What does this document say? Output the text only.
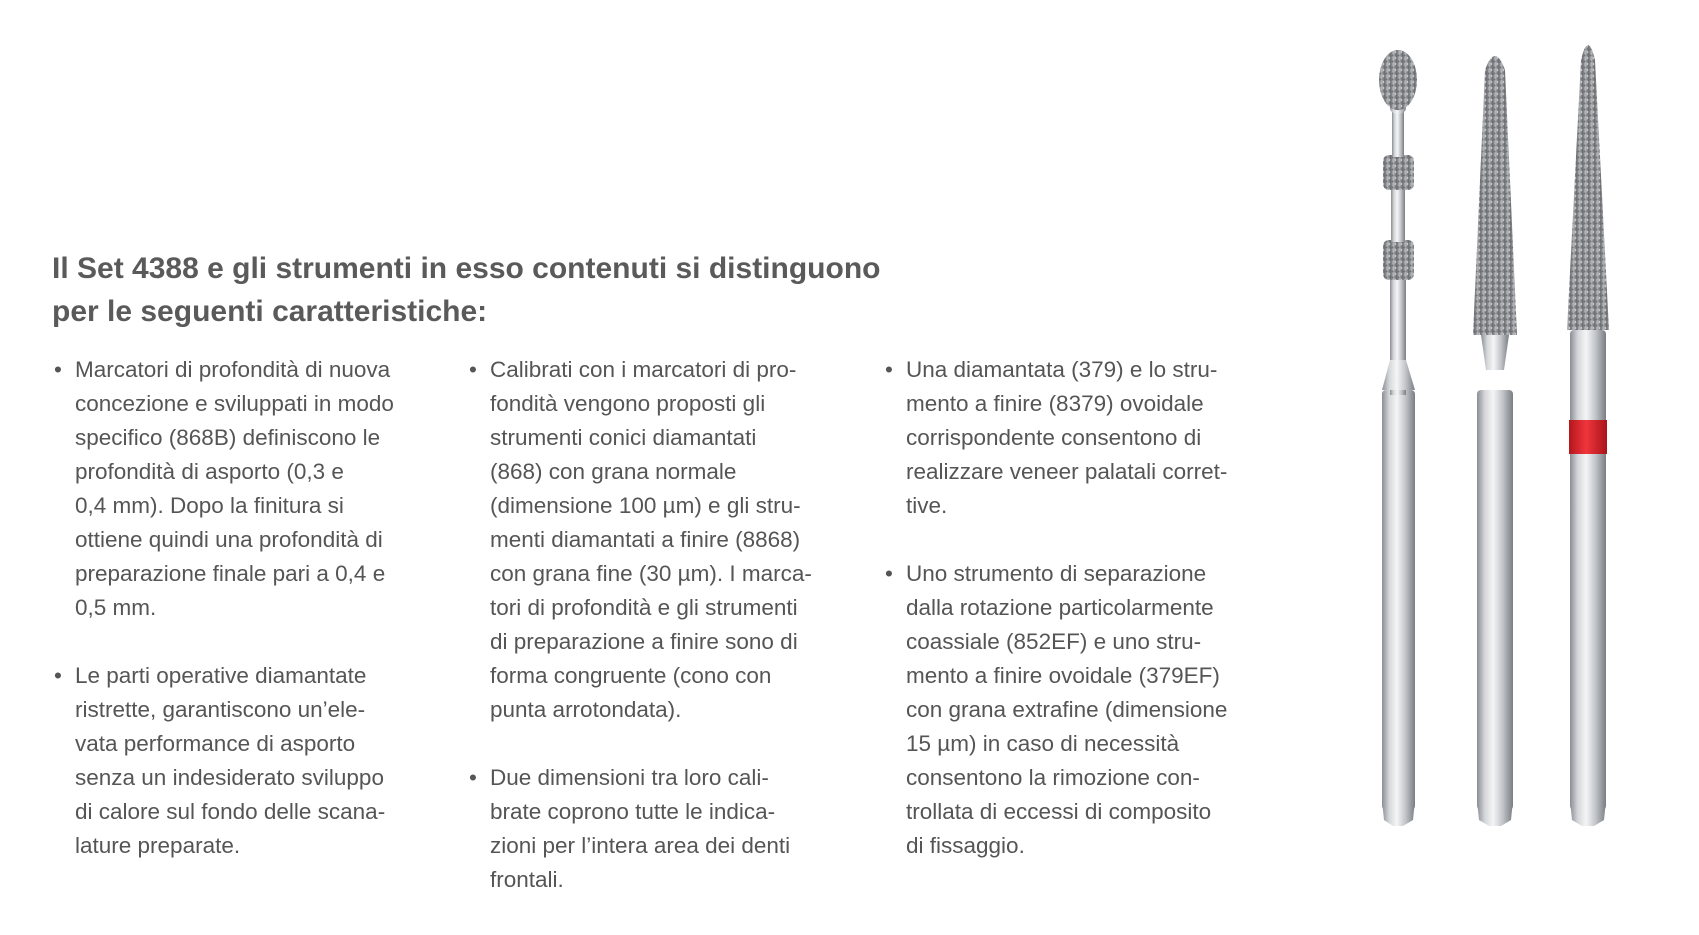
Il Set 4388 e gli strumenti in esso contenuti si distinguono
per le seguenti caratteristiche:
• Marcatori di profondità di nuova
concezione e sviluppati in modo
specifico (868B) definiscono le
profondità di asporto (0,3 e
0,4 mm). Dopo la finitura si
ottiene quindi una profondità di
preparazione finale pari a 0,4 e
0,5 mm.
• Le parti operative diamantate
ristrette, garantiscono un’ele-
vata performance di asporto
senza un indesiderato sviluppo
di calore sul fondo delle scana-
lature preparate.
• Calibrati con i marcatori di pro-
fondità vengono proposti gli
strumenti conici diamantati
(868) con grana normale
(dimensione 100 µm) e gli stru-
menti diamantati a finire (8868)
con grana fine (30 µm). I marca-
tori di profondità e gli strumenti
di preparazione a finire sono di
forma congruente (cono con
punta arrotondata).
• Due dimensioni tra loro cali-
brate coprono tutte le indica-
zioni per l’intera area dei denti
frontali.
• Una diamantata (379) e lo stru-
mento a finire (8379) ovoidale
corrispondente consentono di
realizzare veneer palatali corret-
tive.
• Uno strumento di separazione
dalla rotazione particolarmente
coassiale (852EF) e uno stru-
mento a finire ovoidale (379EF)
con grana extrafine (dimensione
15 µm) in caso di necessità
consentono la rimozione con-
trollata di eccessi di composito
di fissaggio.
